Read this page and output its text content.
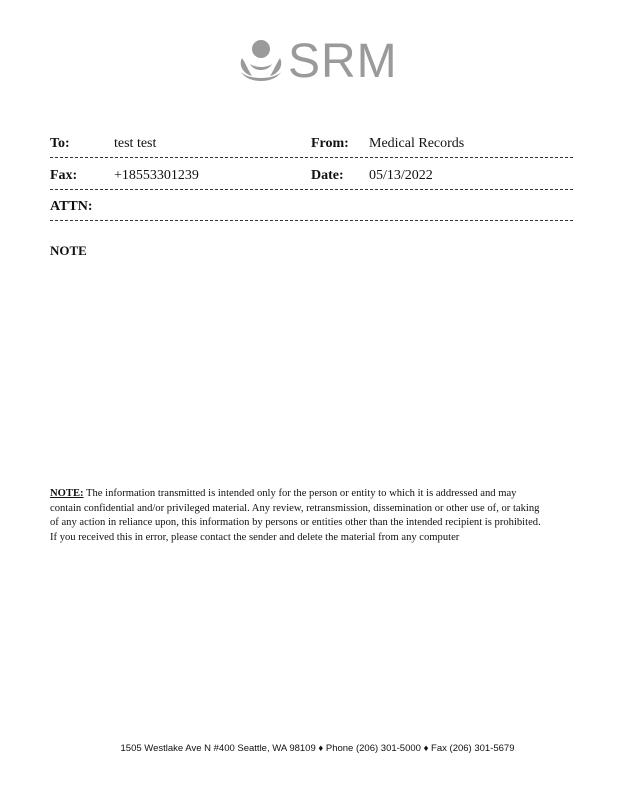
SRM
To:	test test	From: Medical Records
Fax:	+18553301239	Date: 05/13/2022
ATTN:
NOTE
NOTE: The information transmitted is intended only for the person or entity to which it is addressed and may contain confidential and/or privileged material. Any review, retransmission, dissemination or other use of, or taking of any action in reliance upon, this information by persons or entities other than the intended recipient is prohibited. If you received this in error, please contact the sender and delete the material from any computer
1505 Westlake Ave N #400 Seattle, WA 98109 ♦ Phone (206) 301-5000 ♦ Fax (206) 301-5679
